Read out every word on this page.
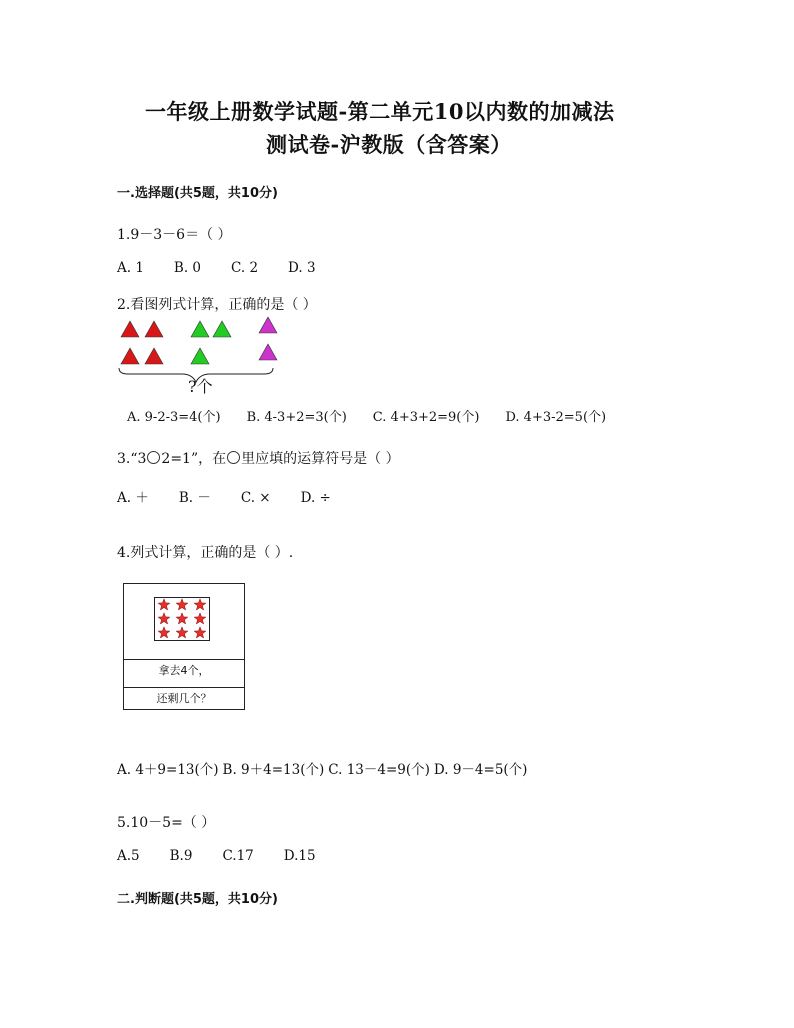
一年级上册数学试题-第二单元10以内数的加减法
测试卷-沪教版（含答案）
一.选择题(共5题，共10分)
1.9－3－6＝（ ）
A. 1 B. 0 C. 2 D. 3
2.看图列式计算，正确的是（ ）
?个
A. 9-2-3=4(个) B. 4-3+2=3(个) C. 4+3+2=9(个) D. 4+3-2=5(个)
3.“3 2=1”，在 里应填的运算符号是（ ）
A. ＋ B. － C. × D. ÷
4.列式计算，正确的是（ ）.
拿去4个，
还剩几个？
A. 4＋9=13(个) B. 9＋4=13(个) C. 13－4=9(个) D. 9－4=5(个)
5.10－5=（ ）
A.5 B.9 C.17 D.15
二.判断题(共5题，共10分)
